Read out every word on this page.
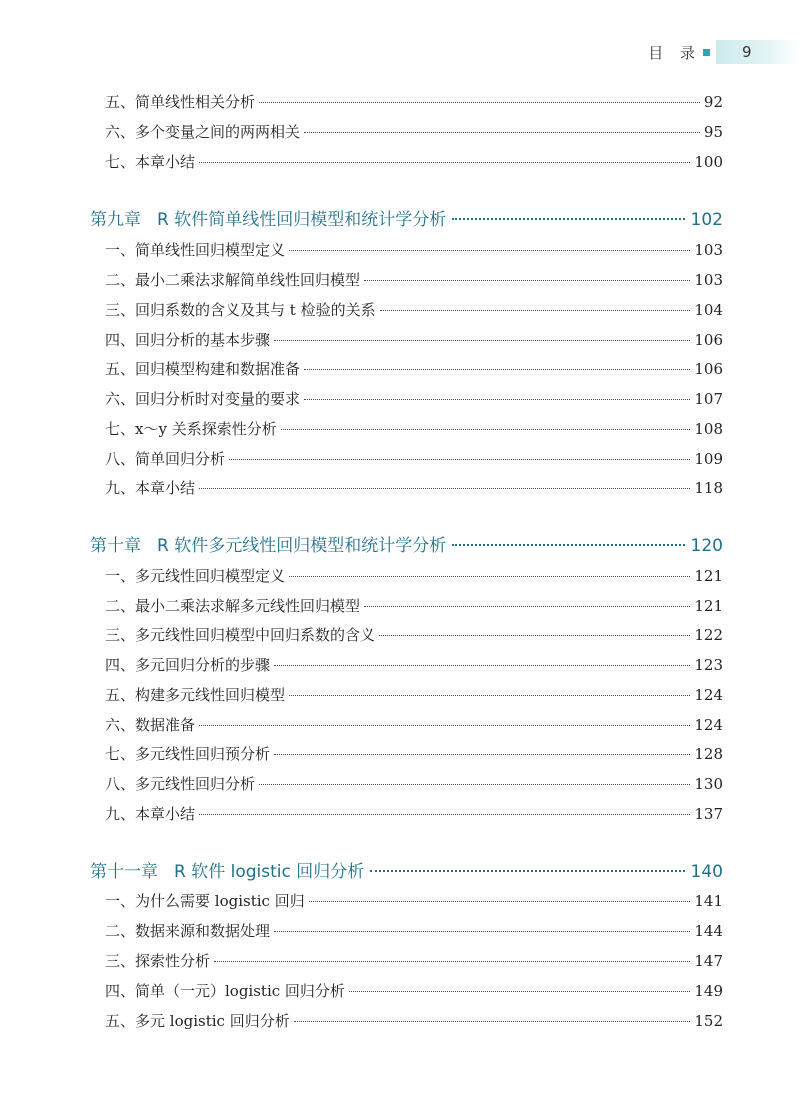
目 录	9
五、简单线性相关分析	92
六、多个变量之间的两两相关	95
七、本章小结	100
第九章 R 软件简单线性回归模型和统计学分析	102
一、简单线性回归模型定义	103
二、最小二乘法求解简单线性回归模型	103
三、回归系数的含义及其与 t 检验的关系	104
四、回归分析的基本步骤	106
五、回归模型构建和数据准备	106
六、回归分析时对变量的要求	107
七、x～y 关系探索性分析	108
八、简单回归分析	109
九、本章小结	118
第十章 R 软件多元线性回归模型和统计学分析	120
一、多元线性回归模型定义	121
二、最小二乘法求解多元线性回归模型	121
三、多元线性回归模型中回归系数的含义	122
四、多元回归分析的步骤	123
五、构建多元线性回归模型	124
六、数据准备	124
七、多元线性回归预分析	128
八、多元线性回归分析	130
九、本章小结	137
第十一章 R 软件 logistic 回归分析	140
一、为什么需要 logistic 回归	141
二、数据来源和数据处理	144
三、探索性分析	147
四、简单（一元）logistic 回归分析	149
五、多元 logistic 回归分析	152
